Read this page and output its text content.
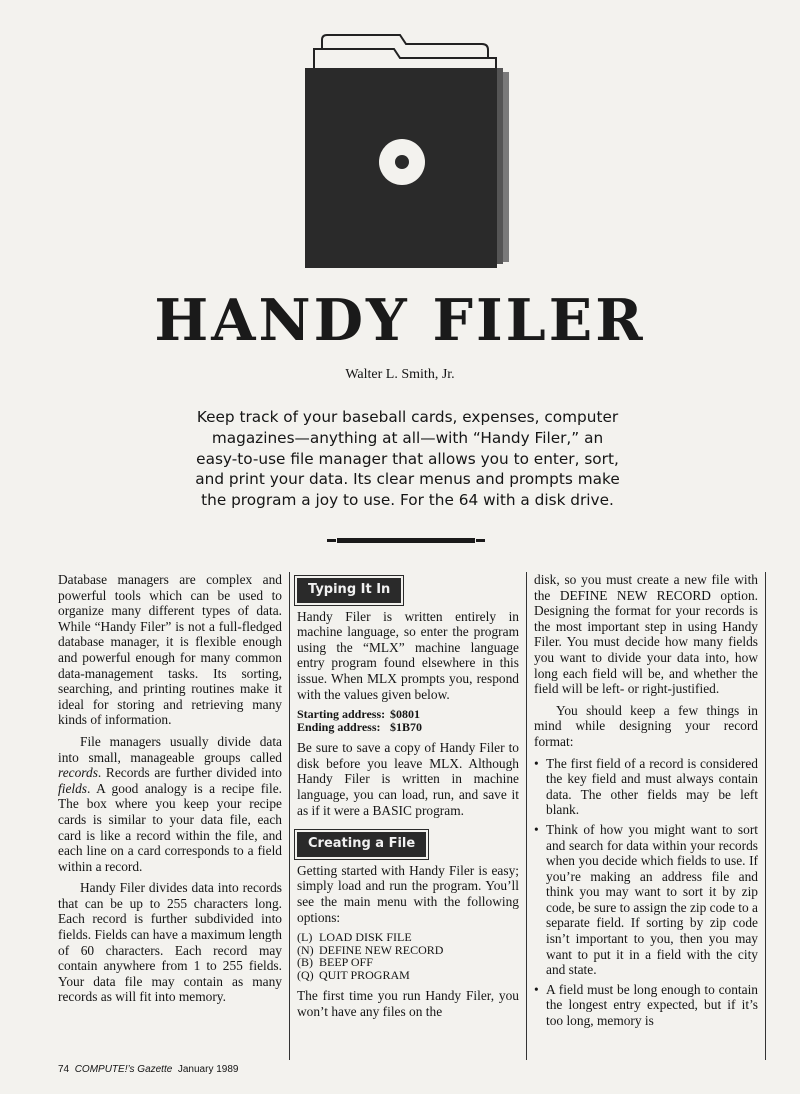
HANDY FILER
Walter L. Smith, Jr.
Keep track of your baseball cards, expenses, computer magazines—anything at all—with “Handy Filer,” an easy-to-use file manager that allows you to enter, sort, and print your data. Its clear menus and prompts make the program a joy to use. For the 64 with a disk drive.

Database managers are complex and powerful tools which can be used to organize many different types of data. While “Handy Filer” is not a full-fledged database manager, it is flexible enough and powerful enough for many common data-management tasks. Its sorting, searching, and printing routines make it ideal for storing and retrieving many kinds of information.

File managers usually divide data into small, manageable groups called records. Records are further divided into fields. A good analogy is a recipe file. The box where you keep your recipe cards is similar to your data file, each card is like a record within the file, and each line on a card corresponds to a field within a record.

Handy Filer divides data into records that can be up to 255 characters long. Each record is further subdivided into fields. Fields can have a maximum length of 60 characters. Each record may contain anywhere from 1 to 255 fields. Your data file may contain as many records as will fit into memory.

Typing It In

Handy Filer is written entirely in machine language, so enter the program using the “MLX” machine language entry program found elsewhere in this issue. When MLX prompts you, respond with the values given below.

Starting address: $0801
Ending address: $1B70

Be sure to save a copy of Handy Filer to disk before you leave MLX. Although Handy Filer is written in machine language, you can load, run, and save it as if it were a BASIC program.

Creating a File

Getting started with Handy Filer is easy; simply load and run the program. You’ll see the main menu with the following options:

(L) LOAD DISK FILE
(N) DEFINE NEW RECORD
(B) BEEP OFF
(Q) QUIT PROGRAM

The first time you run Handy Filer, you won’t have any files on the

disk, so you must create a new file with the DEFINE NEW RECORD option. Designing the format for your records is the most important step in using Handy Filer. You must decide how many fields you want to divide your data into, how long each field will be, and whether the field will be left- or right-justified.

You should keep a few things in mind while designing your record format:

• The first field of a record is considered the key field and must always contain data. The other fields may be left blank.
• Think of how you might want to sort and search for data within your records when you decide which fields to use. If you’re making an address file and think you may want to sort it by zip code, be sure to assign the zip code to a separate field. If sorting by zip code isn’t important to you, then you may want to put it in a field with the city and state.
• A field must be long enough to contain the longest entry expected, but if it’s too long, memory is
74 COMPUTE!’s Gazette January 1989
